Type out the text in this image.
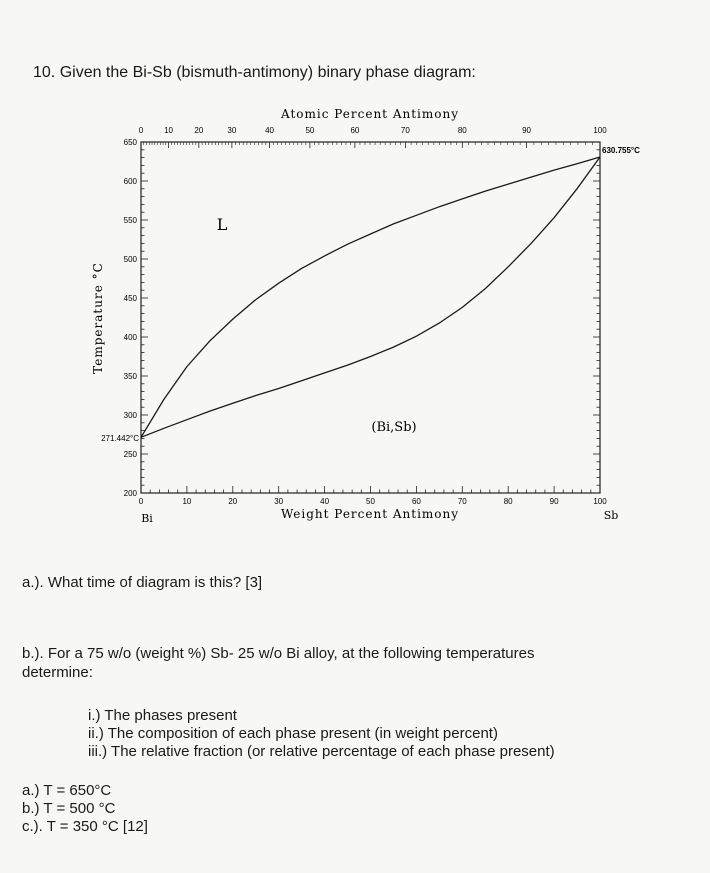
10. Given the Bi-Sb (bismuth-antimony) binary phase diagram:
0	10	20	30	40	50	60	70	80	90	100
0	10	20	30	40	50	60	70	80	90	100
200
250
300
350
400
450
500
550
600
650
Atomic Percent Antimony
Weight Percent Antimony
Temperature °C
Bi	Sb
271.442°C
630.755°C
L
(Bi,Sb)
a.). What time of diagram is this? [3]
b.). For a 75 w/o (weight %) Sb- 25 w/o Bi alloy, at the following temperatures
determine:
i.) The phases present
ii.) The composition of each phase present (in weight percent)
iii.) The relative fraction (or relative percentage of each phase present)
a.) T = 650°C
b.) T = 500 °C
c.). T = 350 °C [12]
